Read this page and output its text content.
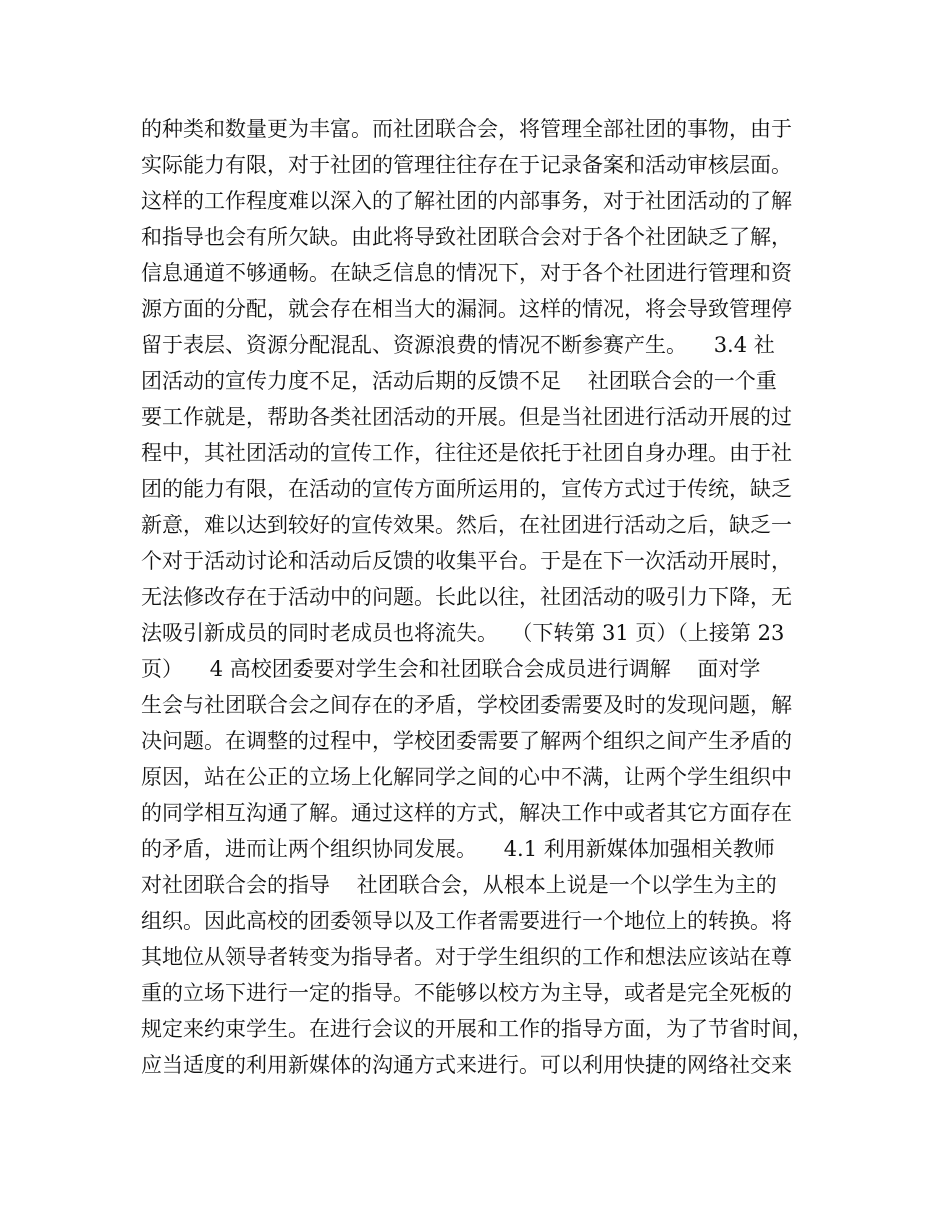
的种类和数量更为丰富。而社团联合会，将管理全部社团的事物，由于
实际能力有限，对于社团的管理往往存在于记录备案和活动审核层面。
这样的工作程度难以深入的了解社团的内部事务，对于社团活动的了解
和指导也会有所欠缺。由此将导致社团联合会对于各个社团缺乏了解，
信息通道不够通畅。在缺乏信息的情况下，对于各个社团进行管理和资
源方面的分配，就会存在相当大的漏洞。这样的情况，将会导致管理停
留于表层、资源分配混乱、资源浪费的情况不断参赛产生。    3.4 社
团活动的宣传力度不足，活动后期的反馈不足    社团联合会的一个重
要工作就是，帮助各类社团活动的开展。但是当社团进行活动开展的过
程中，其社团活动的宣传工作，往往还是依托于社团自身办理。由于社
团的能力有限，在活动的宣传方面所运用的，宣传方式过于传统，缺乏
新意，难以达到较好的宣传效果。然后，在社团进行活动之后，缺乏一
个对于活动讨论和活动后反馈的收集平台。于是在下一次活动开展时，
无法修改存在于活动中的问题。长此以往，社团活动的吸引力下降，无
法吸引新成员的同时老成员也将流失。  （下转第 31 页）（上接第 23
页）    4 高校团委要对学生会和社团联合会成员进行调解    面对学
生会与社团联合会之间存在的矛盾，学校团委需要及时的发现问题，解
决问题。在调整的过程中，学校团委需要了解两个组织之间产生矛盾的
原因，站在公正的立场上化解同学之间的心中不满，让两个学生组织中
的同学相互沟通了解。通过这样的方式，解决工作中或者其它方面存在
的矛盾，进而让两个组织协同发展。    4.1 利用新媒体加强相关教师
对社团联合会的指导    社团联合会，从根本上说是一个以学生为主的
组织。因此高校的团委领导以及工作者需要进行一个地位上的转换。将
其地位从领导者转变为指导者。对于学生组织的工作和想法应该站在尊
重的立场下进行一定的指导。不能够以校方为主导，或者是完全死板的
规定来约束学生。在进行会议的开展和工作的指导方面，为了节省时间，
应当适度的利用新媒体的沟通方式来进行。可以利用快捷的网络社交来
